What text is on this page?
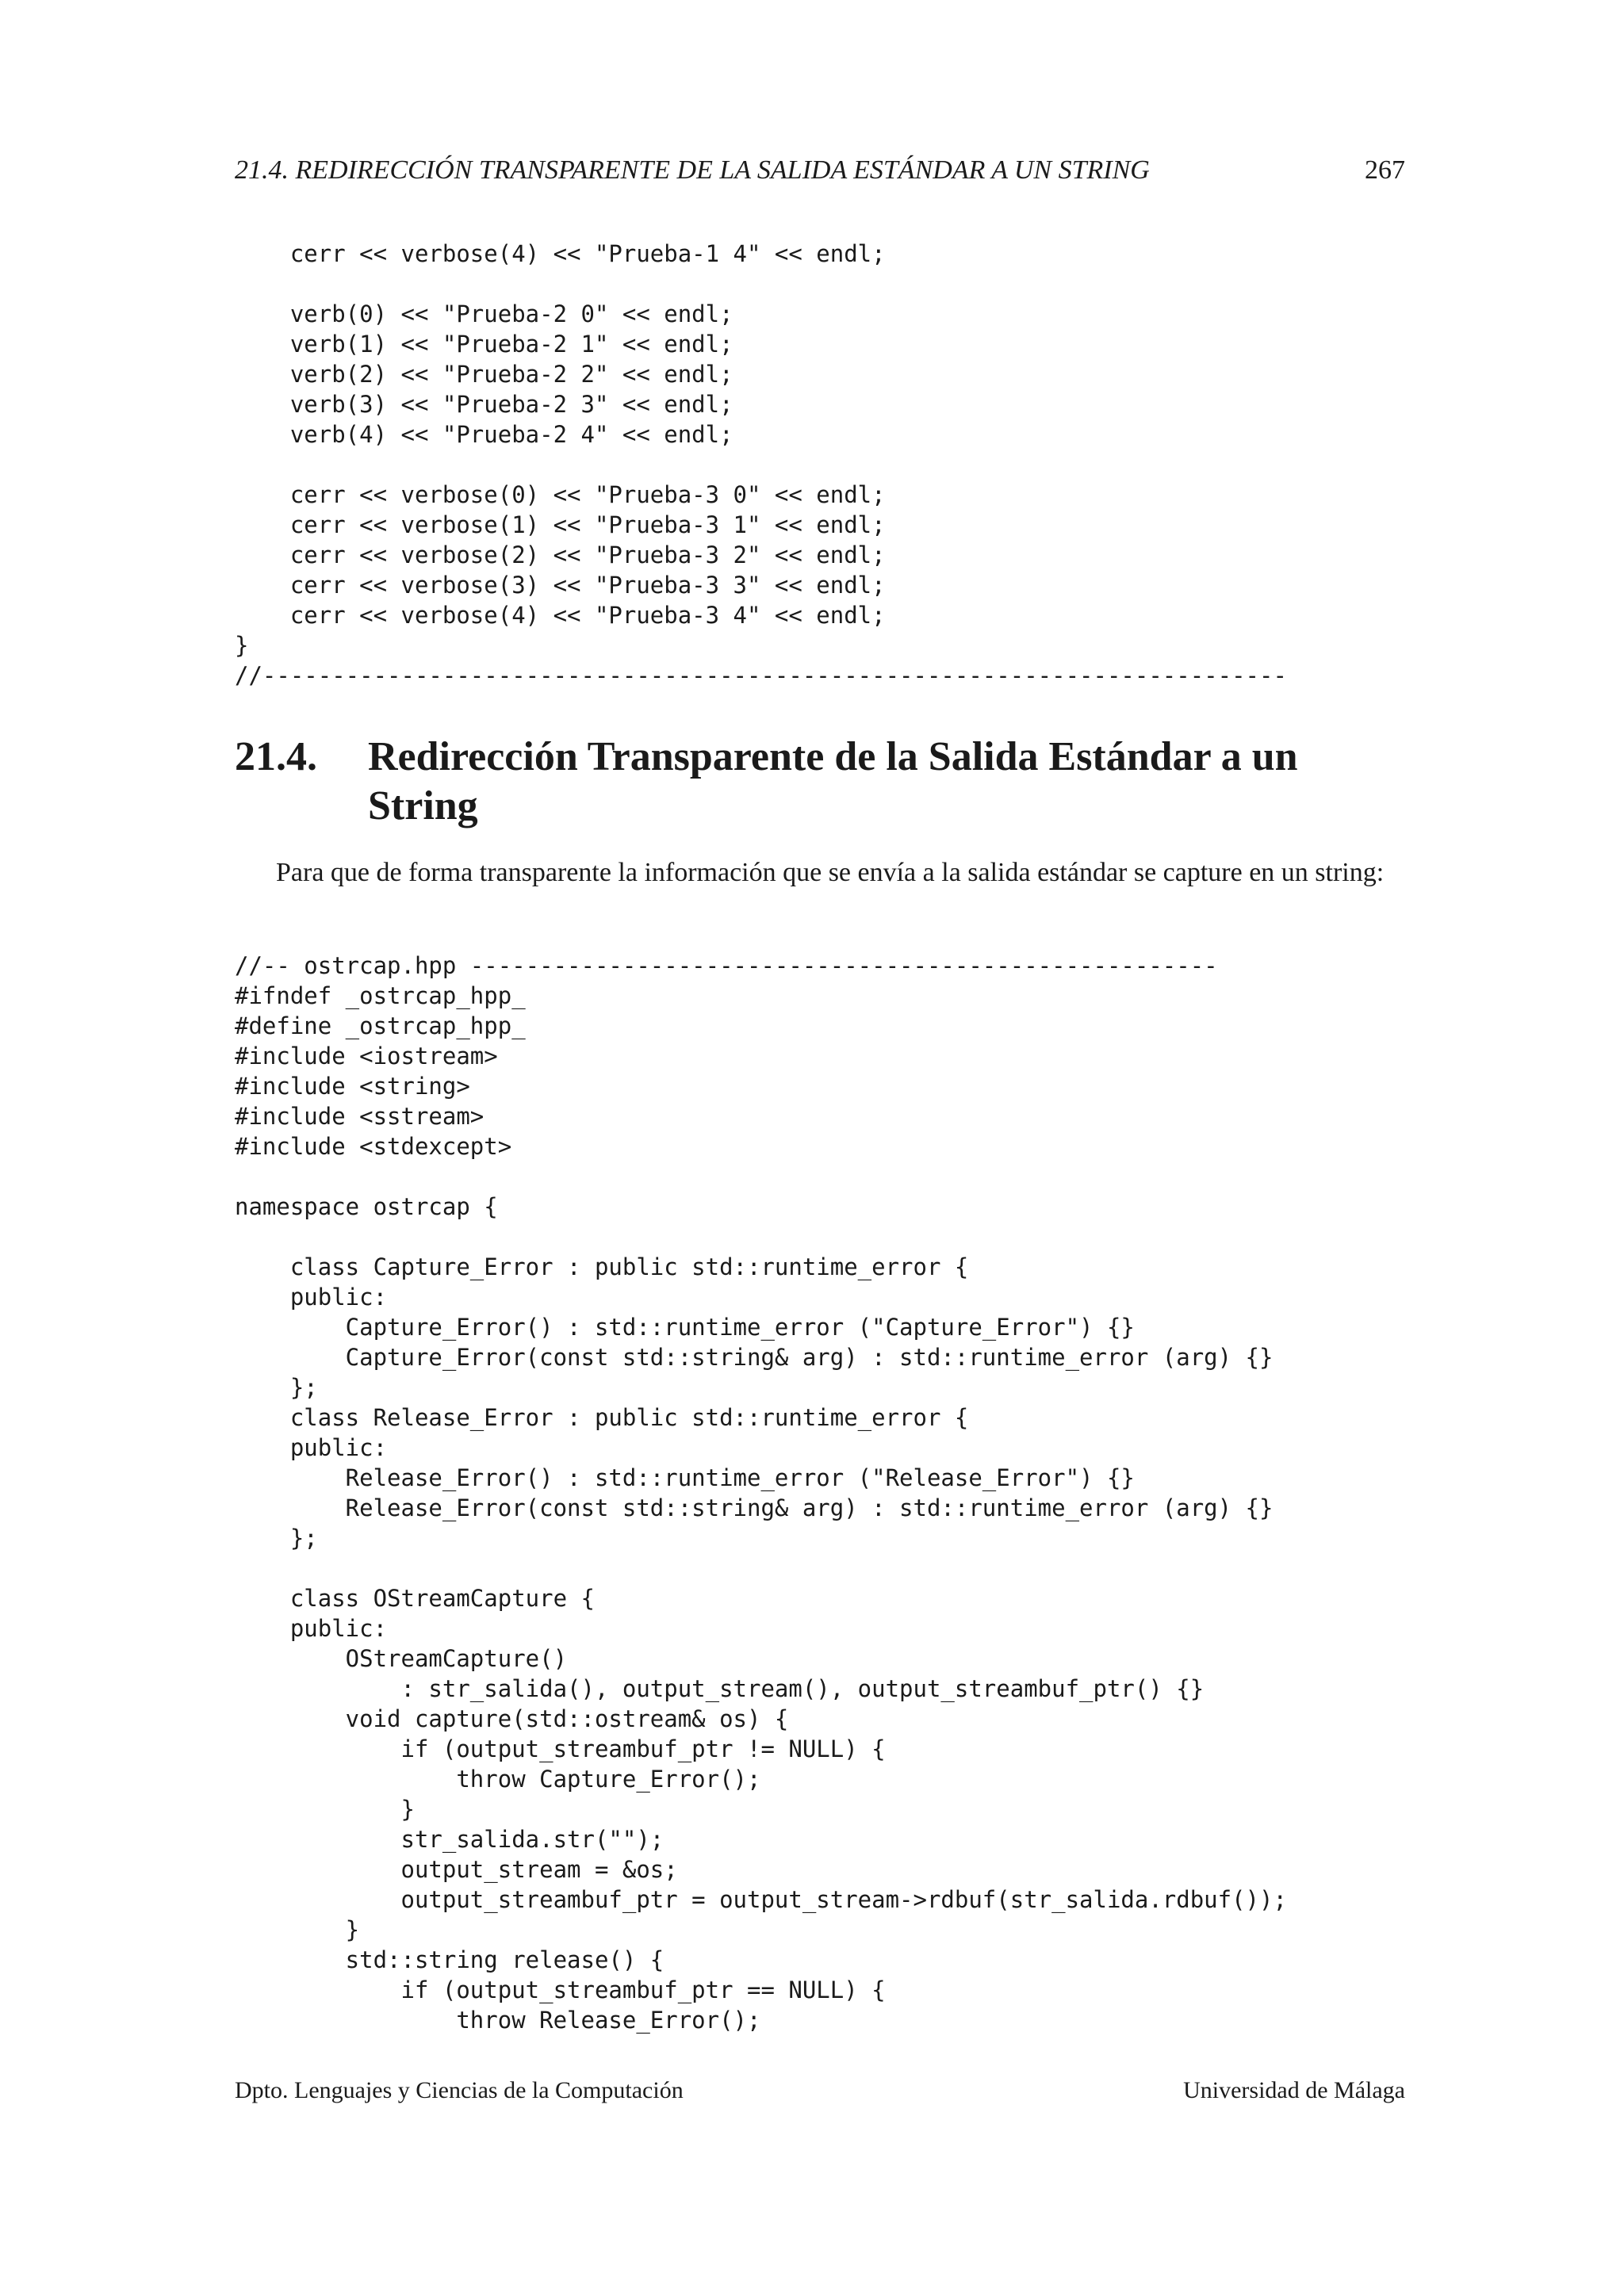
21.4. REDIRECCIÓN TRANSPARENTE DE LA SALIDA ESTÁNDAR A UN STRING	267
cerr << verbose(4) << "Prueba-1 4" << endl;
verb(0) << "Prueba-2 0" << endl;
verb(1) << "Prueba-2 1" << endl;
verb(2) << "Prueba-2 2" << endl;
verb(3) << "Prueba-2 3" << endl;
verb(4) << "Prueba-2 4" << endl;
cerr << verbose(0) << "Prueba-3 0" << endl;
cerr << verbose(1) << "Prueba-3 1" << endl;
cerr << verbose(2) << "Prueba-3 2" << endl;
cerr << verbose(3) << "Prueba-3 3" << endl;
cerr << verbose(4) << "Prueba-3 4" << endl;
}
//--------------------------------------------------------------------------
21.4.	Redirección Transparente de la Salida Estándar a un String

Para que de forma transparente la información que se envía a la salida estándar se capture en un string:

//-- ostrcap.hpp ------------------------------------------------------
#ifndef _ostrcap_hpp_
#define _ostrcap_hpp_
#include <iostream>
#include <string>
#include <sstream>
#include <stdexcept>
namespace ostrcap {
class Capture_Error : public std::runtime_error {
public:
Capture_Error() : std::runtime_error ("Capture_Error") {}
Capture_Error(const std::string& arg) : std::runtime_error (arg) {}
};
class Release_Error : public std::runtime_error {
public:
Release_Error() : std::runtime_error ("Release_Error") {}
Release_Error(const std::string& arg) : std::runtime_error (arg) {}
};
class OStreamCapture {
public:
OStreamCapture()
: str_salida(), output_stream(), output_streambuf_ptr() {}
void capture(std::ostream& os) {
if (output_streambuf_ptr != NULL) {
throw Capture_Error();
}
str_salida.str("");
output_stream = &os;
output_streambuf_ptr = output_stream->rdbuf(str_salida.rdbuf());
}
std::string release() {
if (output_streambuf_ptr == NULL) {
throw Release_Error();
Dpto. Lenguajes y Ciencias de la Computación	Universidad de Málaga
